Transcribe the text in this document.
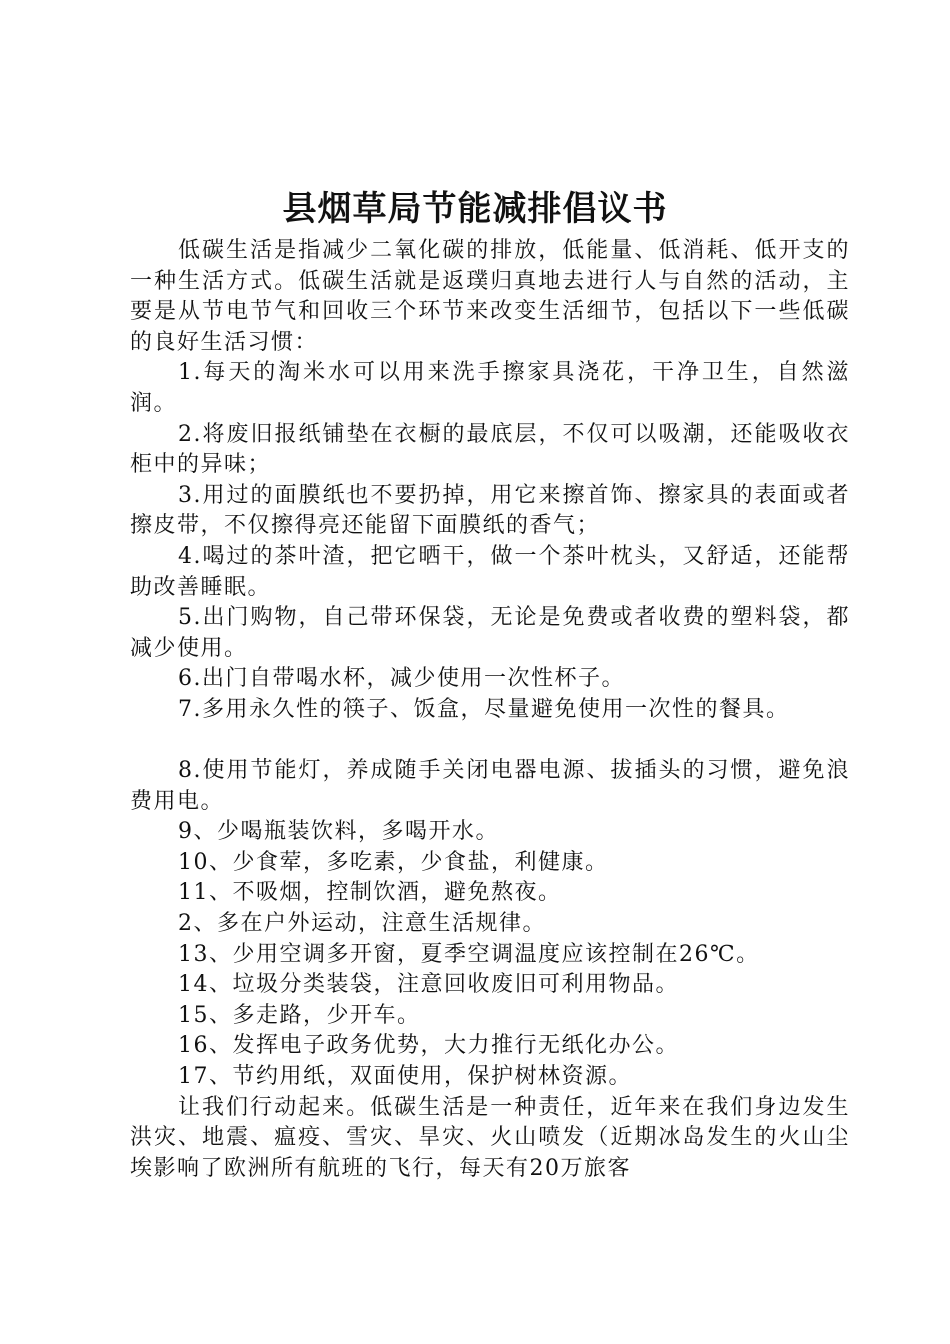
县烟草局节能减排倡议书

低碳生活是指减少二氧化碳的排放，低能量、低消耗、低开支的一种生活方式。低碳生活就是返璞归真地去进行人与自然的活动，主要是从节电节气和回收三个环节来改变生活细节，包括以下一些低碳的良好生活习惯：

1.每天的淘米水可以用来洗手擦家具浇花，干净卫生，自然滋润。

2.将废旧报纸铺垫在衣橱的最底层，不仅可以吸潮，还能吸收衣柜中的异味；

3.用过的面膜纸也不要扔掉，用它来擦首饰、擦家具的表面或者擦皮带，不仅擦得亮还能留下面膜纸的香气；

4.喝过的茶叶渣，把它晒干，做一个茶叶枕头，又舒适，还能帮助改善睡眠。

5.出门购物，自己带环保袋，无论是免费或者收费的塑料袋，都减少使用。

6.出门自带喝水杯，减少使用一次性杯子。

7.多用永久性的筷子、饭盒，尽量避免使用一次性的餐具。

8.使用节能灯，养成随手关闭电器电源、拔插头的习惯，避免浪费用电。

9、少喝瓶装饮料，多喝开水。

10、少食荤，多吃素，少食盐，利健康。

11、不吸烟，控制饮酒，避免熬夜。

2、多在户外运动，注意生活规律。

13、少用空调多开窗，夏季空调温度应该控制在26℃。

14、垃圾分类装袋，注意回收废旧可利用物品。

15、多走路，少开车。

16、发挥电子政务优势，大力推行无纸化办公。

17、节约用纸，双面使用，保护树林资源。

让我们行动起来。低碳生活是一种责任，近年来在我们身边发生洪灾、地震、瘟疫、雪灾、旱灾、火山喷发（近期冰岛发生的火山尘埃影响了欧洲所有航班的飞行，每天有20万旅客
